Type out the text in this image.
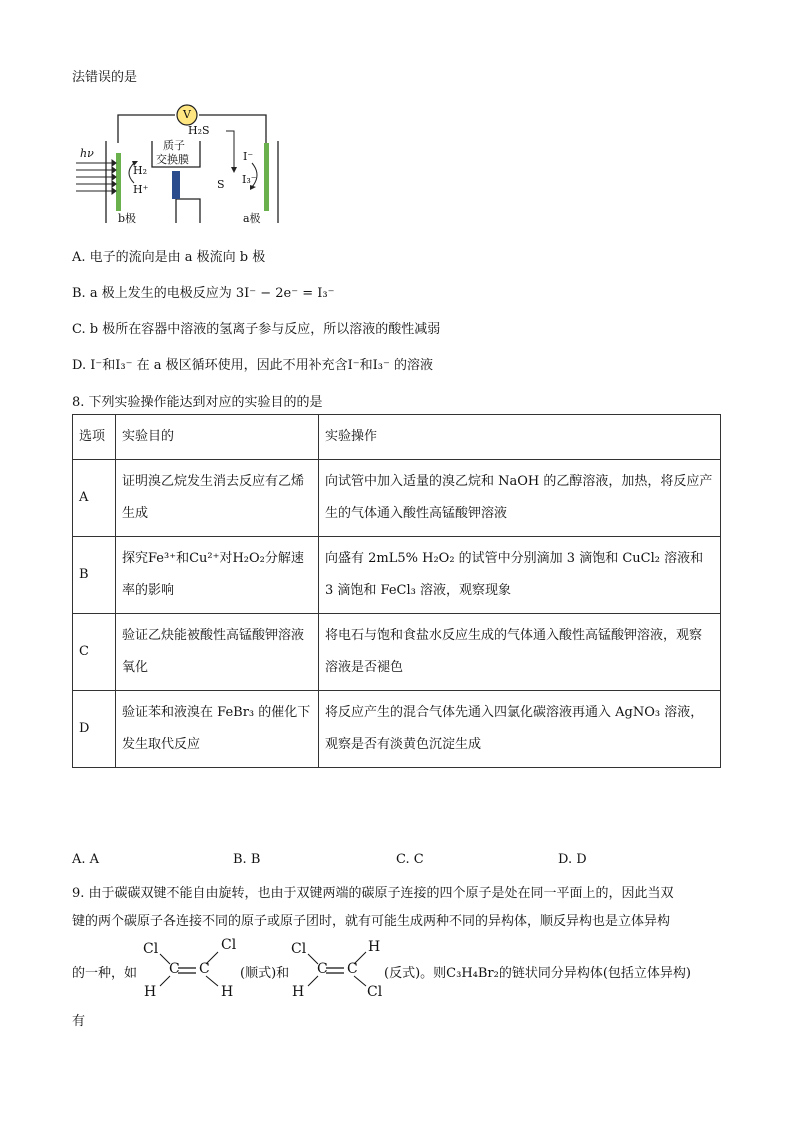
法错误的是
V
hν
质子
交换膜
H₂S
S
H₂
H⁺
I⁻
I₃⁻
b极	a极
A. 电子的流向是由 a 极流向 b 极
B. a 极上发生的电极反应为 3I⁻ − 2e⁻ = I₃⁻
C. b 极所在容器中溶液的氢离子参与反应，所以溶液的酸性减弱
D. I⁻和I₃⁻ 在 a 极区循环使用，因此不用补充含I⁻和I₃⁻ 的溶液
8. 下列实验操作能达到对应的实验目的的是
选项	实验目的	实验操作
A	证明溴乙烷发生消去反应有乙烯生成	向试管中加入适量的溴乙烷和 NaOH 的乙醇溶液，加热，将反应产生的气体通入酸性高锰酸钾溶液
B	探究Fe³⁺和Cu²⁺对H₂O₂分解速率的影响	向盛有 2mL5% H₂O₂ 的试管中分别滴加 3 滴饱和 CuCl₂ 溶液和 3 滴饱和 FeCl₃ 溶液，观察现象
C	验证乙炔能被酸性高锰酸钾溶液氧化	将电石与饱和食盐水反应生成的气体通入酸性高锰酸钾溶液，观察溶液是否褪色
D	验证苯和液溴在 FeBr₃ 的催化下发生取代反应	将反应产生的混合气体先通入四氯化碳溶液再通入 AgNO₃ 溶液，观察是否有淡黄色沉淀生成
A. A	B. B	C. C	D. D
9. 由于碳碳双键不能自由旋转，也由于双键两端的碳原子连接的四个原子是处在同一平面上的，因此当双
键的两个碳原子各连接不同的原子或原子团时，就有可能生成两种不同的异构体，顺反异构也是立体异构
的一种，如
Cl	Cl
C C
H	H
(顺式)和
Cl	H
C C
H	Cl
(反式)。则C₃H₄Br₂的链状同分异构体(包括立体异构)
有
